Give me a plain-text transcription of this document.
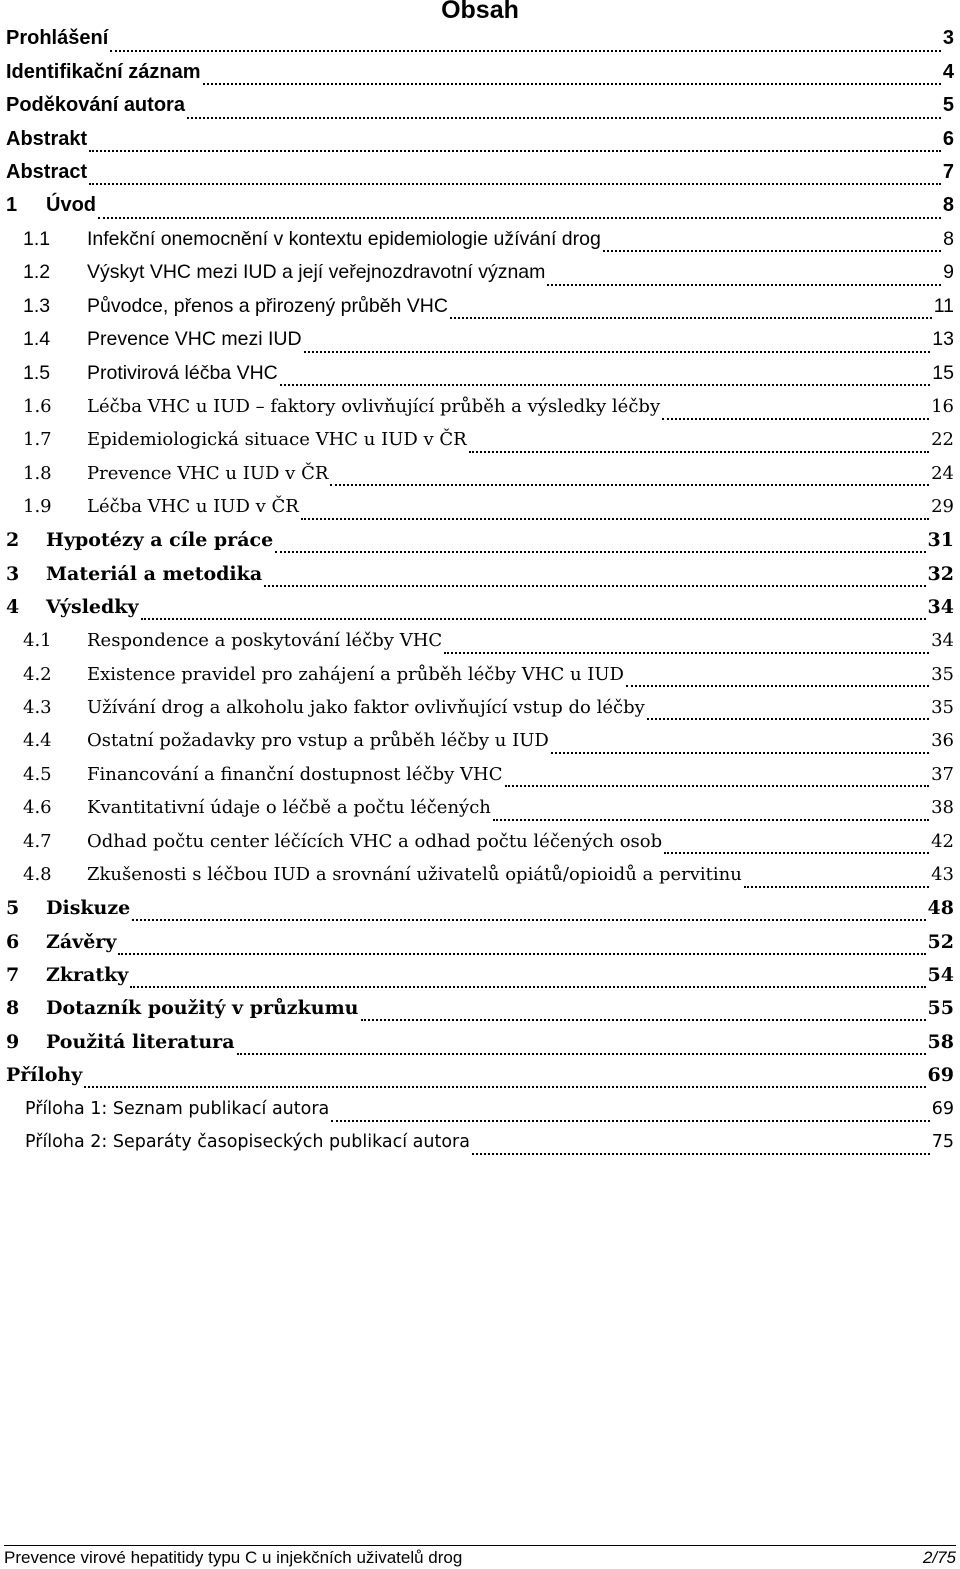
Obsah
Prohlášení	3
Identifikační záznam	4
Poděkování autora	5
Abstrakt	6
Abstract	7
1	Úvod	8
1.1	Infekční onemocnění v kontextu epidemiologie užívání drog	8
1.2	Výskyt VHC mezi IUD a její veřejnozdravotní význam	9
1.3	Původce, přenos a přirozený průběh VHC	11
1.4	Prevence VHC mezi IUD	13
1.5	Protivirová léčba VHC	15
1.6	Léčba VHC u IUD – faktory ovlivňující průběh a výsledky léčby	16
1.7	Epidemiologická situace VHC u IUD v ČR	22
1.8	Prevence VHC u IUD v ČR	24
1.9	Léčba VHC u IUD v ČR	29
2	Hypotézy a cíle práce	31
3	Materiál a metodika	32
4	Výsledky	34
4.1	Respondence a poskytování léčby VHC	34
4.2	Existence pravidel pro zahájení a průběh léčby VHC u IUD	35
4.3	Užívání drog a alkoholu jako faktor ovlivňující vstup do léčby	35
4.4	Ostatní požadavky pro vstup a průběh léčby u IUD	36
4.5	Financování a finanční dostupnost léčby VHC	37
4.6	Kvantitativní údaje o léčbě a počtu léčených	38
4.7	Odhad počtu center léčících VHC a odhad počtu léčených osob	42
4.8	Zkušenosti s léčbou IUD a srovnání uživatelů opiátů/opioidů a pervitinu	43
5	Diskuze	48
6	Závěry	52
7	Zkratky	54
8	Dotazník použitý v průzkumu	55
9	Použitá literatura	58
Přílohy	69
Příloha 1: Seznam publikací autora	69
Příloha 2: Separáty časopiseckých publikací autora	75
Prevence virové hepatitidy typu C u injekčních uživatelů drog	2/75
